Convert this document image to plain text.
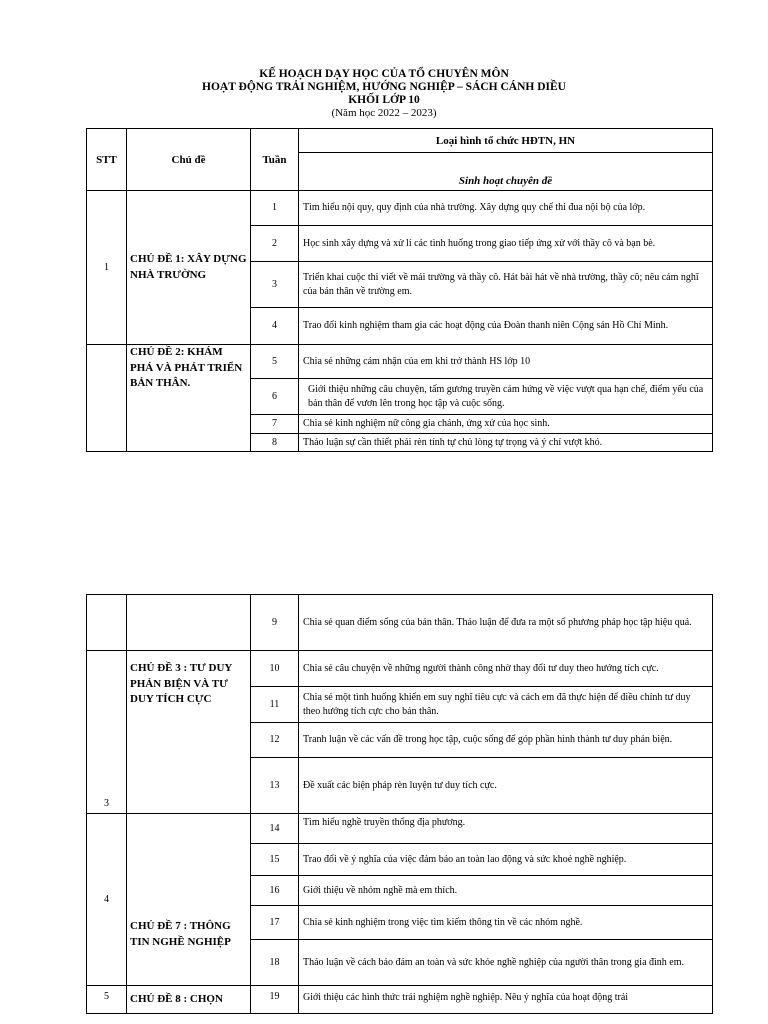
KẾ HOẠCH DẠY HỌC CỦA TỔ CHUYÊN MÔN
HOẠT ĐỘNG TRẢI NGHIỆM, HƯỚNG NGHIỆP – SÁCH CÁNH DIỀU
KHỐI LỚP 10
(Năm học 2022 – 2023)
STT	Chủ đề	Tuần	Loại hình tổ chức HĐTN, HN
			Sinh hoạt chuyên đề
1	CHỦ ĐỀ 1: XÂY DỰNG NHÀ TRƯỜNG	1	Tìm hiểu nội quy, quy định của nhà trường. Xây dựng quy chế thi đua nội bộ của lớp.
		2	Học sinh xây dựng và xử lí các tình huống trong giao tiếp ứng xử với thầy cô và bạn bè.
		3	Triển khai cuộc thi viết về mái trường và thầy cô. Hát bài hát về nhà trường, thầy cô; nêu cảm nghĩ của bản thân về trường em.
		4	Trao đổi kinh nghiệm tham gia các hoạt động của Đoàn thanh niên Cộng sản Hồ Chí Minh.
	CHỦ ĐỀ 2: KHÁM PHÁ VÀ PHÁT TRIỂN BẢN THÂN.	5	Chia sẻ những cảm nhận của em khi trở thành HS lớp 10
		6	Giới thiệu những câu chuyện, tấm gương truyền cảm hứng về việc vượt qua hạn chế, điểm yếu của bản thân để vươn lên trong học tập và cuộc sống.
		7	Chia sẻ kinh nghiệm nữ công gia chánh, ứng xử của học sinh.
		8	Thảo luận sự cần thiết phải rèn tính tự chủ lòng tự trọng và ý chí vượt khó.
		9	Chia sẻ quan điểm sống của bản thân. Thảo luận để đưa ra một số phương pháp học tập hiệu quả.
3	CHỦ ĐỀ 3 : TƯ DUY PHẢN BIỆN VÀ TƯ DUY TÍCH CỰC	10	Chia sẻ câu chuyện về những người thành công nhờ thay đổi tư duy theo hướng tích cực.
		11	Chia sẻ một tình huống khiến em suy nghĩ tiêu cực và cách em đã thực hiện để điều chỉnh tư duy theo hướng tích cực cho bản thân.
		12	Tranh luận về các vấn đề trong học tập, cuộc sống để góp phần hình thành tư duy phản biện.
		13	Đề xuất các biện pháp rèn luyện tư duy tích cực.
4	CHỦ ĐỀ 7 : THÔNG TIN NGHỀ NGHIỆP	14	Tìm hiểu nghề truyền thống địa phương.
		15	Trao đổi về ý nghĩa của việc đảm bảo an toàn lao động và sức khoẻ nghề nghiệp.
		16	Giới thiệu về nhóm nghề mà em thích.
		17	Chia sẻ kinh nghiệm trong việc tìm kiếm thông tin về các nhóm nghề.
		18	Thảo luận về cách bảo đảm an toàn và sức khỏe nghề nghiệp của người thân trong gia đình em.
5	CHỦ ĐỀ 8 : CHỌN	19	Giới thiệu các hình thức trải nghiệm nghề nghiệp. Nêu ý nghĩa của hoạt động trải
